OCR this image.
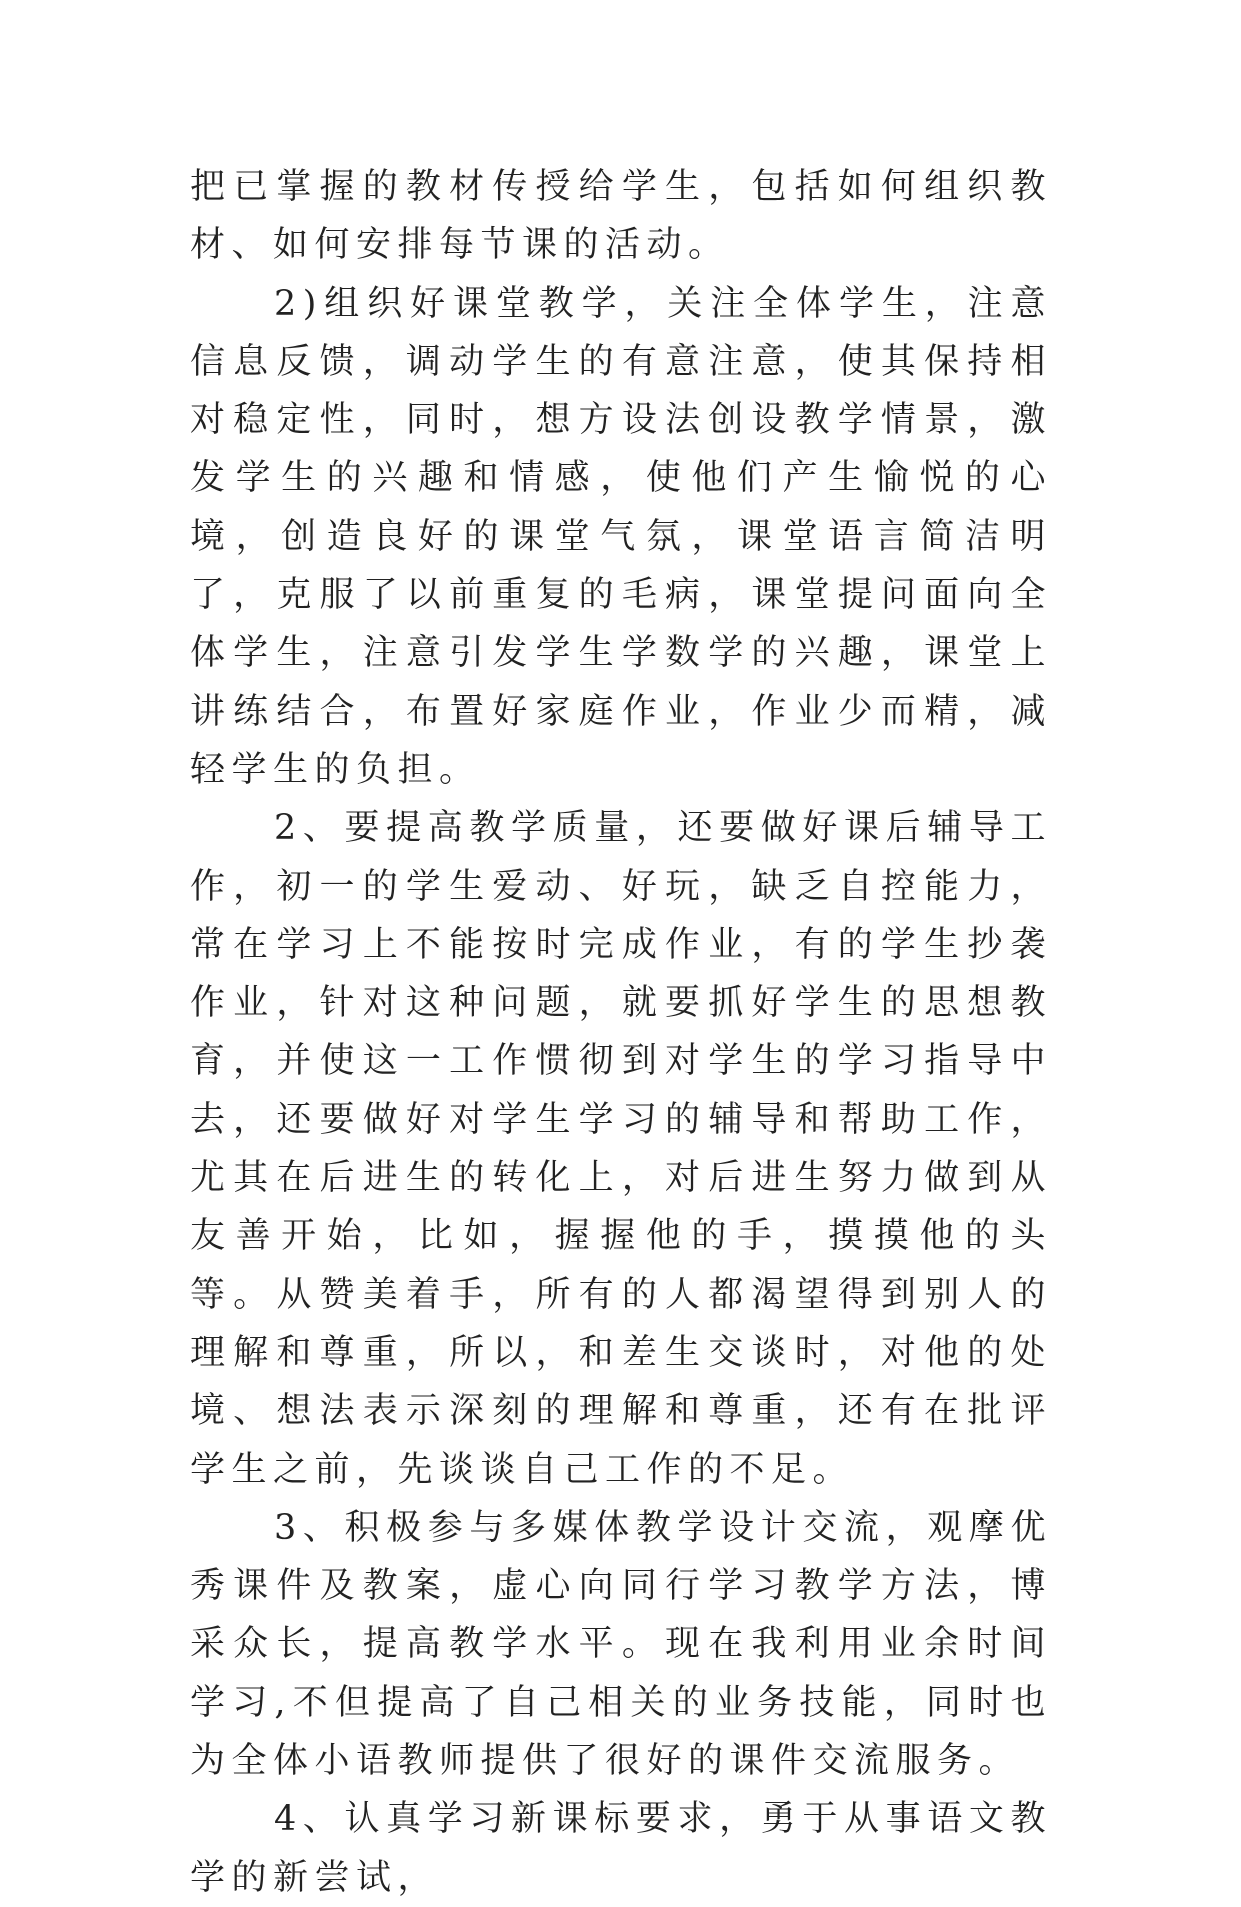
把已掌握的教材传授给学生，包括如何组织教材、如何安排每节课的活动。

2)组织好课堂教学，关注全体学生，注意信息反馈，调动学生的有意注意，使其保持相对稳定性，同时，想方设法创设教学情景，激发学生的兴趣和情感，使他们产生愉悦的心境，创造良好的课堂气氛，课堂语言简洁明了，克服了以前重复的毛病，课堂提问面向全体学生，注意引发学生学数学的兴趣，课堂上讲练结合，布置好家庭作业，作业少而精，减轻学生的负担。

2、要提高教学质量，还要做好课后辅导工作，初一的学生爱动、好玩，缺乏自控能力，常在学习上不能按时完成作业，有的学生抄袭作业，针对这种问题，就要抓好学生的思想教育，并使这一工作惯彻到对学生的学习指导中去，还要做好对学生学习的辅导和帮助工作，尤其在后进生的转化上，对后进生努力做到从友善开始，比如，握握他的手，摸摸他的头等。从赞美着手，所有的人都渴望得到别人的理解和尊重，所以，和差生交谈时，对他的处境、想法表示深刻的理解和尊重，还有在批评学生之前，先谈谈自己工作的不足。

3、积极参与多媒体教学设计交流，观摩优秀课件及教案，虚心向同行学习教学方法，博采众长，提高教学水平。现在我利用业余时间学习,不但提高了自己相关的业务技能，同时也为全体小语教师提供了很好的课件交流服务。

4、认真学习新课标要求，勇于从事语文教学的新尝试，
